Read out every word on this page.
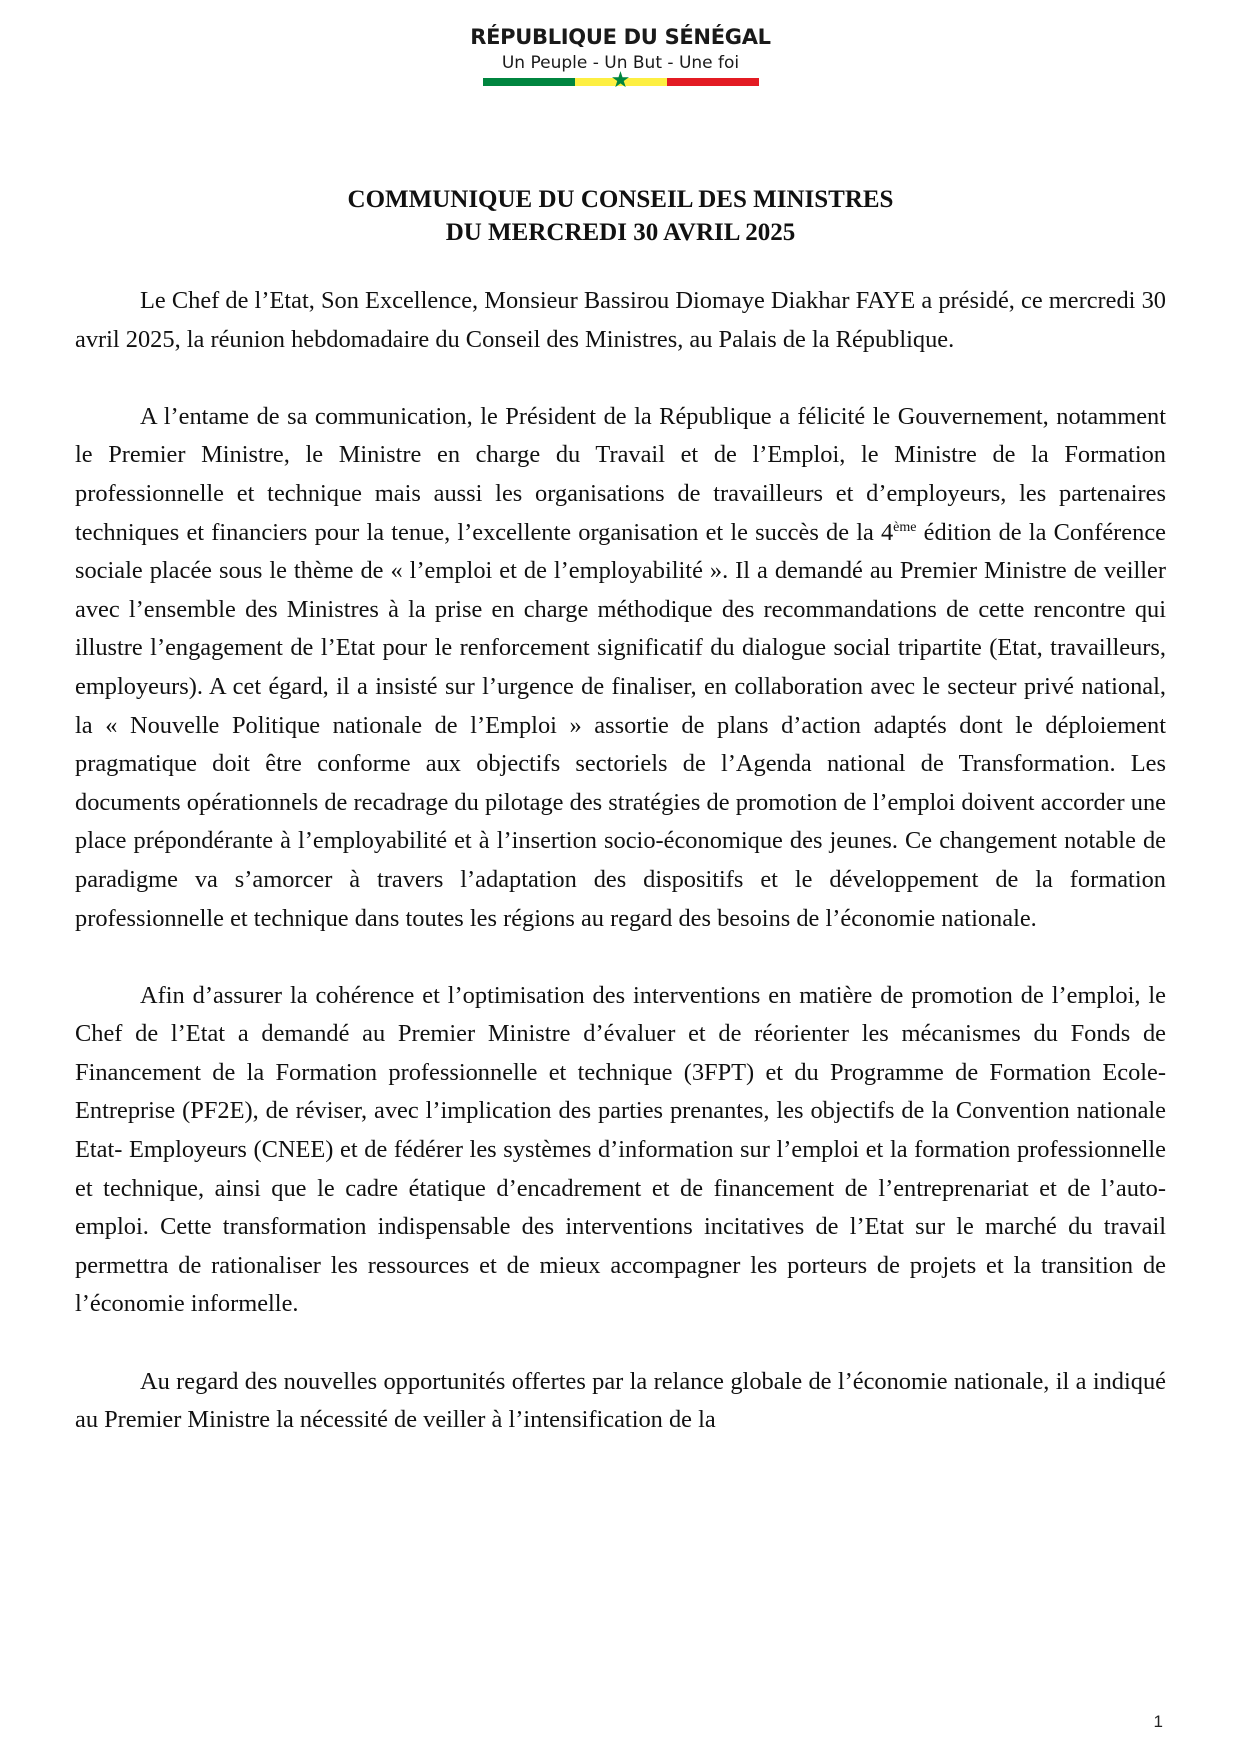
RÉPUBLIQUE DU SÉNÉGAL
Un Peuple - Un But - Une foi
★
COMMUNIQUE DU CONSEIL DES MINISTRES
DU MERCREDI 30 AVRIL 2025

Le Chef de l’Etat, Son Excellence, Monsieur Bassirou Diomaye Diakhar FAYE a présidé, ce mercredi 30 avril 2025, la réunion hebdomadaire du Conseil des Ministres, au Palais de la République.

A l’entame de sa communication, le Président de la République a félicité le Gouvernement, notamment le Premier Ministre, le Ministre en charge du Travail et de l’Emploi, le Ministre de la Formation professionnelle et technique mais aussi les organisations de travailleurs et d’employeurs, les partenaires techniques et financiers pour la tenue, l’excellente organisation et le succès de la 4ème édition de la Conférence sociale placée sous le thème de « l’emploi et de l’employabilité ». Il a demandé au Premier Ministre de veiller avec l’ensemble des Ministres à la prise en charge méthodique des recommandations de cette rencontre qui illustre l’engagement de l’Etat pour le renforcement significatif du dialogue social tripartite (Etat, travailleurs, employeurs). A cet égard, il a insisté sur l’urgence de finaliser, en collaboration avec le secteur privé national, la « Nouvelle Politique nationale de l’Emploi » assortie de plans d’action adaptés dont le déploiement pragmatique doit être conforme aux objectifs sectoriels de l’Agenda national de Transformation. Les documents opérationnels de recadrage du pilotage des stratégies de promotion de l’emploi doivent accorder une place prépondérante à l’employabilité et à l’insertion socio-économique des jeunes. Ce changement notable de paradigme va s’amorcer à travers l’adaptation des dispositifs et le développement de la formation professionnelle et technique dans toutes les régions au regard des besoins de l’économie nationale.

Afin d’assurer la cohérence et l’optimisation des interventions en matière de promotion de l’emploi, le Chef de l’Etat a demandé au Premier Ministre d’évaluer et de réorienter les mécanismes du Fonds de Financement de la Formation professionnelle et technique (3FPT) et du Programme de Formation Ecole- Entreprise (PF2E), de réviser, avec l’implication des parties prenantes, les objectifs de la Convention nationale Etat- Employeurs (CNEE) et de fédérer les systèmes d’information sur l’emploi et la formation professionnelle et technique, ainsi que le cadre étatique d’encadrement et de financement de l’entreprenariat et de l’auto-emploi. Cette transformation indispensable des interventions incitatives de l’Etat sur le marché du travail permettra de rationaliser les ressources et de mieux accompagner les porteurs de projets et la transition de l’économie informelle.

Au regard des nouvelles opportunités offertes par la relance globale de l’économie nationale, il a indiqué au Premier Ministre la nécessité de veiller à l’intensification de la

1
